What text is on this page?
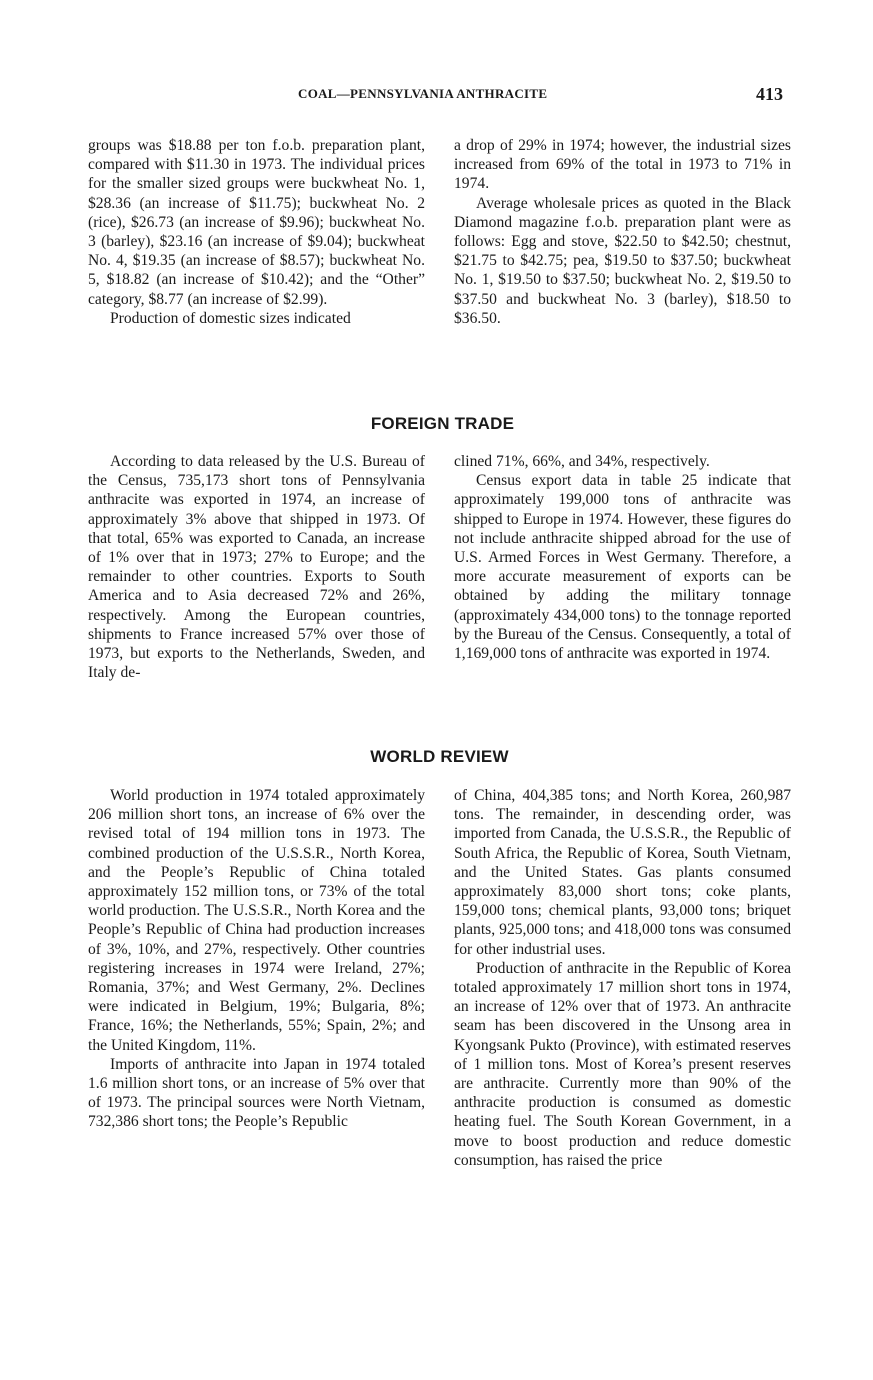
COAL—PENNSYLVANIA ANTHRACITE	413

groups was $18.88 per ton f.o.b. preparation plant, compared with $11.30 in 1973. The individual prices for the smaller sized groups were buckwheat No. 1, $28.36 (an increase of $11.75); buckwheat No. 2 (rice), $26.73 (an increase of $9.96); buckwheat No. 3 (barley), $23.16 (an increase of $9.04); buckwheat No. 4, $19.35 (an increase of $8.57); buckwheat No. 5, $18.82 (an increase of $10.42); and the “Other” category, $8.77 (an increase of $2.99).

Production of domestic sizes indicated

a drop of 29% in 1974; however, the industrial sizes increased from 69% of the total in 1973 to 71% in 1974.

Average wholesale prices as quoted in the Black Diamond magazine f.o.b. preparation plant were as follows: Egg and stove, $22.50 to $42.50; chestnut, $21.75 to $42.75; pea, $19.50 to $37.50; buckwheat No. 1, $19.50 to $37.50; buckwheat No. 2, $19.50 to $37.50 and buckwheat No. 3 (barley), $18.50 to $36.50.

FOREIGN TRADE

According to data released by the U.S. Bureau of the Census, 735,173 short tons of Pennsylvania anthracite was exported in 1974, an increase of approximately 3% above that shipped in 1973. Of that total, 65% was exported to Canada, an increase of 1% over that in 1973; 27% to Europe; and the remainder to other countries. Exports to South America and to Asia decreased 72% and 26%, respectively. Among the European countries, shipments to France increased 57% over those of 1973, but exports to the Netherlands, Sweden, and Italy de-

clined 71%, 66%, and 34%, respectively.

Census export data in table 25 indicate that approximately 199,000 tons of anthracite was shipped to Europe in 1974. However, these figures do not include anthracite shipped abroad for the use of U.S. Armed Forces in West Germany. Therefore, a more accurate measurement of exports can be obtained by adding the military tonnage (approximately 434,000 tons) to the tonnage reported by the Bureau of the Census. Consequently, a total of 1,169,000 tons of anthracite was exported in 1974.

WORLD REVIEW

World production in 1974 totaled approximately 206 million short tons, an increase of 6% over the revised total of 194 million tons in 1973. The combined production of the U.S.S.R., North Korea, and the People’s Republic of China totaled approximately 152 million tons, or 73% of the total world production. The U.S.S.R., North Korea and the People’s Republic of China had production increases of 3%, 10%, and 27%, respectively. Other countries registering increases in 1974 were Ireland, 27%; Romania, 37%; and West Germany, 2%. Declines were indicated in Belgium, 19%; Bulgaria, 8%; France, 16%; the Netherlands, 55%; Spain, 2%; and the United Kingdom, 11%.

Imports of anthracite into Japan in 1974 totaled 1.6 million short tons, or an increase of 5% over that of 1973. The principal sources were North Vietnam, 732,386 short tons; the People’s Republic

of China, 404,385 tons; and North Korea, 260,987 tons. The remainder, in descending order, was imported from Canada, the U.S.S.R., the Republic of South Africa, the Republic of Korea, South Vietnam, and the United States. Gas plants consumed approximately 83,000 short tons; coke plants, 159,000 tons; chemical plants, 93,000 tons; briquet plants, 925,000 tons; and 418,000 tons was consumed for other industrial uses.

Production of anthracite in the Republic of Korea totaled approximately 17 million short tons in 1974, an increase of 12% over that of 1973. An anthracite seam has been discovered in the Unsong area in Kyongsank Pukto (Province), with estimated reserves of 1 million tons. Most of Korea’s present reserves are anthracite. Currently more than 90% of the anthracite production is consumed as domestic heating fuel. The South Korean Government, in a move to boost production and reduce domestic consumption, has raised the price
